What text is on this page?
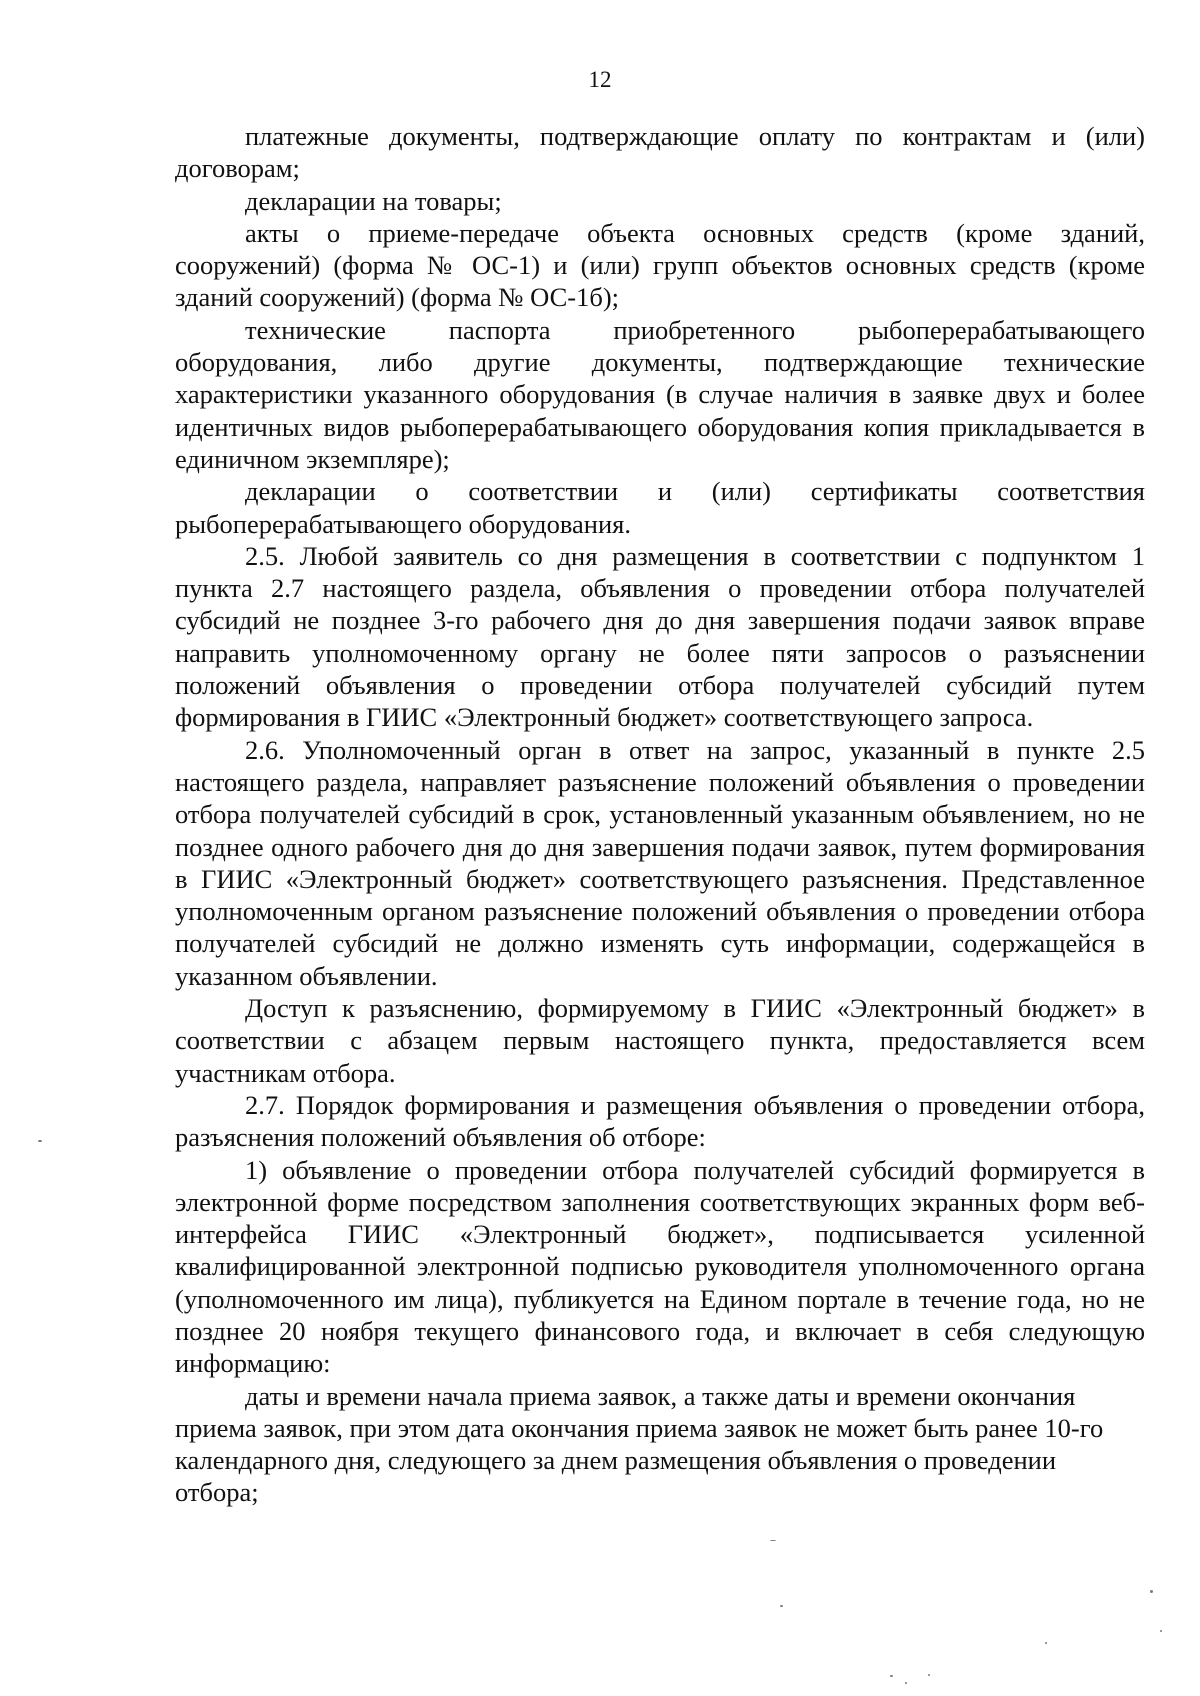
12

платежные документы, подтверждающие оплату по контрактам и (или) договорам;

декларации на товары;

акты о приеме-передаче объекта основных средств (кроме зданий, сооружений) (форма № ОС-1) и (или) групп объектов основных средств (кроме зданий сооружений) (форма № ОС-1б);

технические паспорта приобретенного рыбоперерабатывающего оборудования, либо другие документы, подтверждающие технические характеристики указанного оборудования (в случае наличия в заявке двух и более идентичных видов рыбоперерабатывающего оборудования копия прикладывается в единичном экземпляре);

декларации о соответствии и (или) сертификаты соответствия рыбоперерабатывающего оборудования.

2.5. Любой заявитель со дня размещения в соответствии с подпунктом 1 пункта 2.7 настоящего раздела, объявления о проведении отбора получателей субсидий не позднее 3-го рабочего дня до дня завершения подачи заявок вправе направить уполномоченному органу не более пяти запросов о разъяснении положений объявления о проведении отбора получателей субсидий путем формирования в ГИИС «Электронный бюджет» соответствующего запроса.

2.6. Уполномоченный орган в ответ на запрос, указанный в пункте 2.5 настоящего раздела, направляет разъяснение положений объявления о проведении отбора получателей субсидий в срок, установленный указанным объявлением, но не позднее одного рабочего дня до дня завершения подачи заявок, путем формирования в ГИИС «Электронный бюджет» соответствующего разъяснения. Представленное уполномоченным органом разъяснение положений объявления о проведении отбора получателей субсидий не должно изменять суть информации, содержащейся в указанном объявлении.

Доступ к разъяснению, формируемому в ГИИС «Электронный бюджет» в соответствии с абзацем первым настоящего пункта, предоставляется всем участникам отбора.

2.7. Порядок формирования и размещения объявления о проведении отбора, разъяснения положений объявления об отборе:

1) объявление о проведении отбора получателей субсидий формируется в электронной форме посредством заполнения соответствующих экранных форм веб-интерфейса ГИИС «Электронный бюджет», подписывается усиленной квалифицированной электронной подписью руководителя уполномоченного органа (уполномоченного им лица), публикуется на Едином портале в течение года, но не позднее 20 ноября текущего финансового года, и включает в себя следующую информацию:

даты и времени начала приема заявок, а также даты и времени окончания приема заявок, при этом дата окончания приема заявок не может быть ранее 10-го календарного дня, следующего за днем размещения объявления о проведении отбора;
